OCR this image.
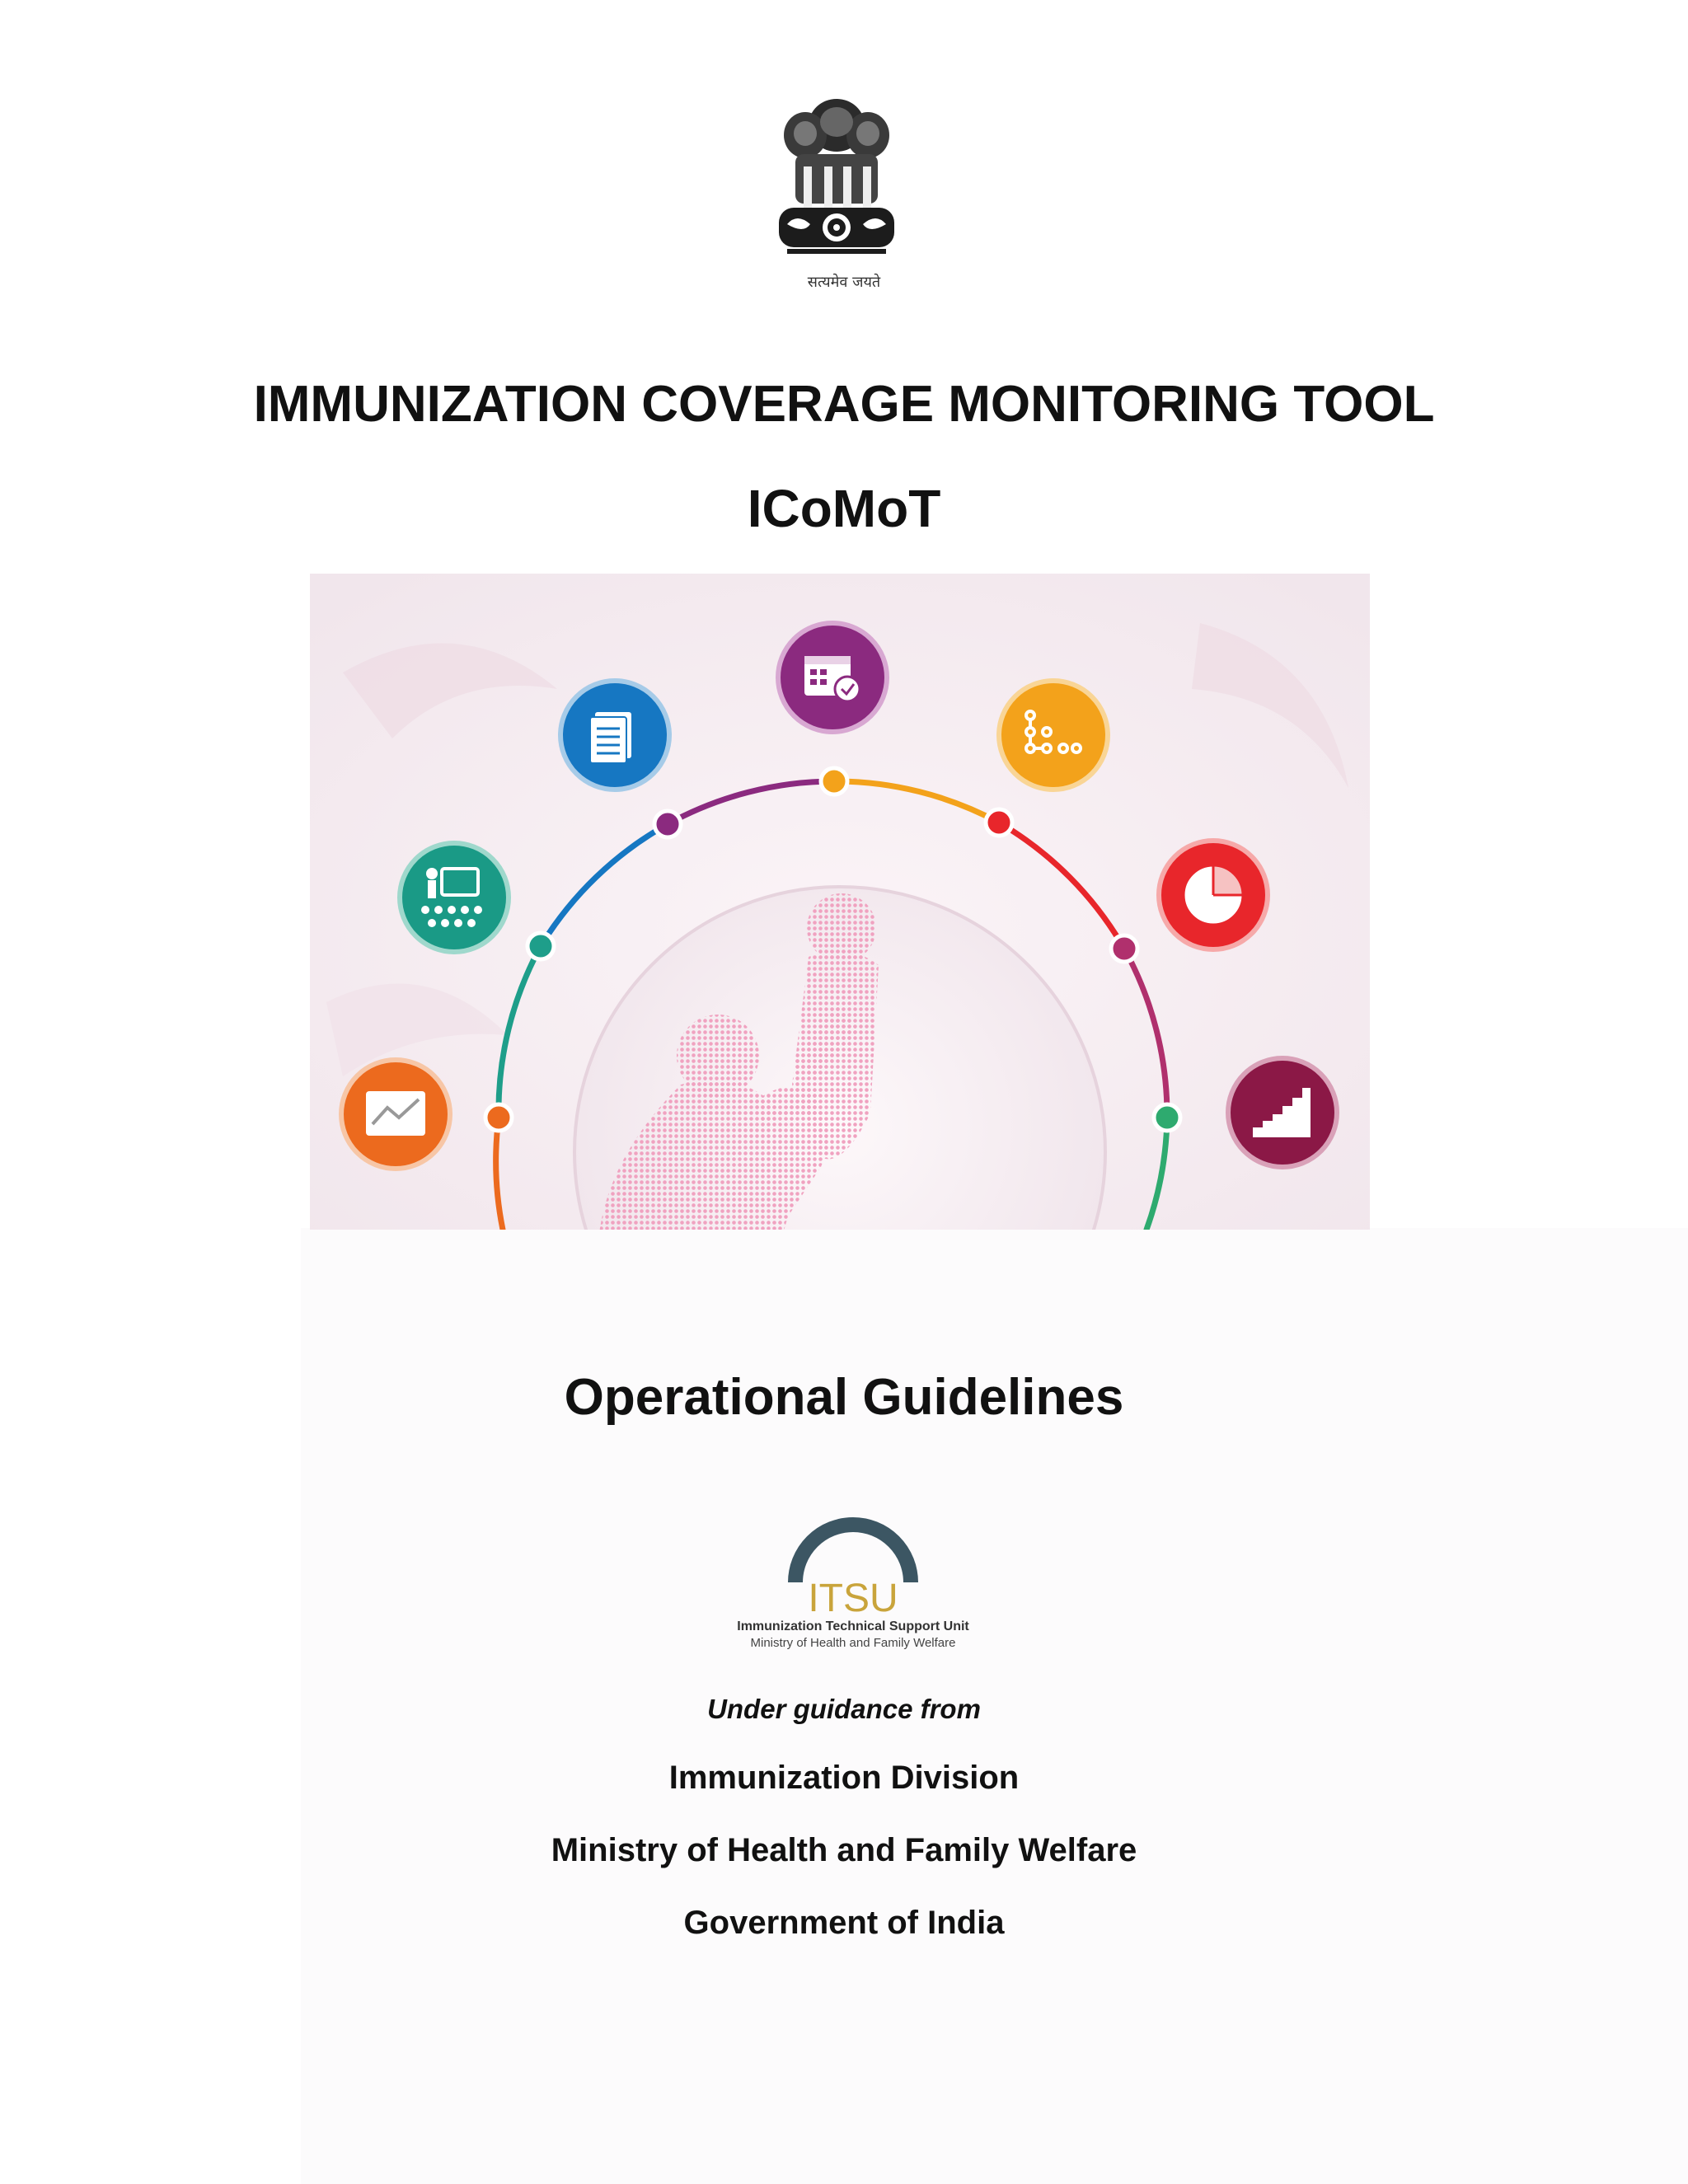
सत्यमेव जयते
IMMUNIZATION COVERAGE MONITORING TOOL
ICoMoT
Operational Guidelines
ITSU
Immunization Technical Support Unit
Ministry of Health and Family Welfare
Under guidance from
Immunization Division
Ministry of Health and Family Welfare
Government of India
